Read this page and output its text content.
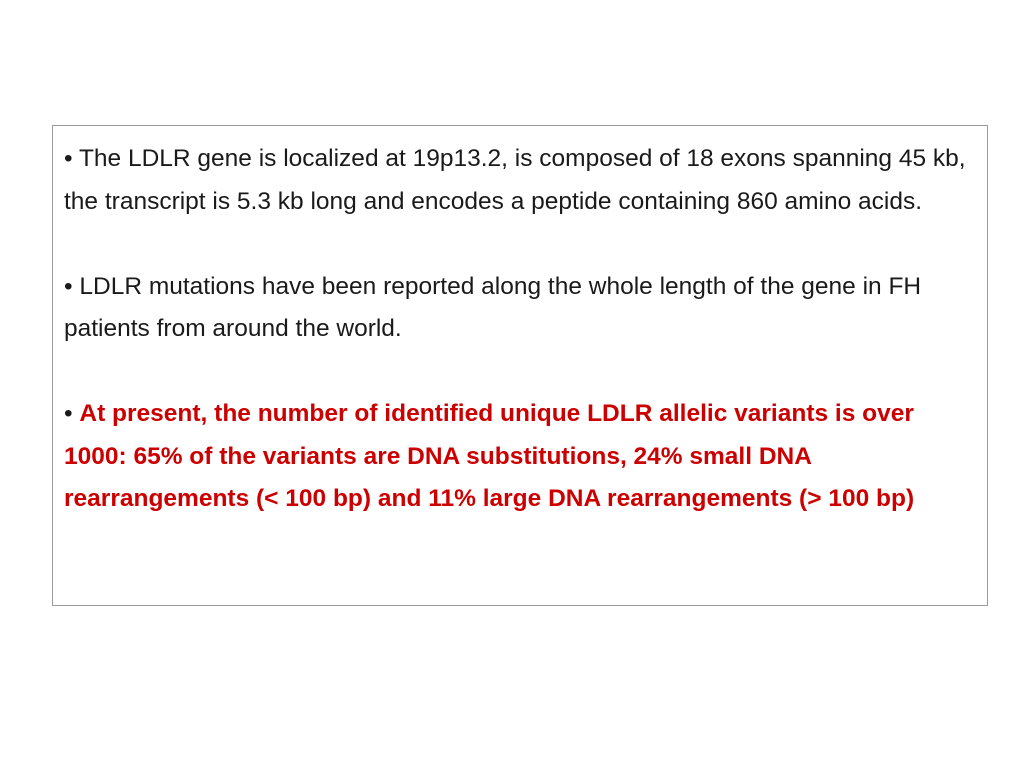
• The LDLR gene is localized at 19p13.2, is composed of 18 exons spanning 45 kb, the transcript is 5.3 kb long and encodes a peptide containing 860 amino acids.

• LDLR mutations have been reported along the whole length of the gene in FH patients from around the world.

• At present, the number of identified unique LDLR allelic variants is over 1000: 65% of the variants are DNA substitutions, 24% small DNA rearrangements (< 100 bp) and 11% large DNA rearrangements (> 100 bp)
